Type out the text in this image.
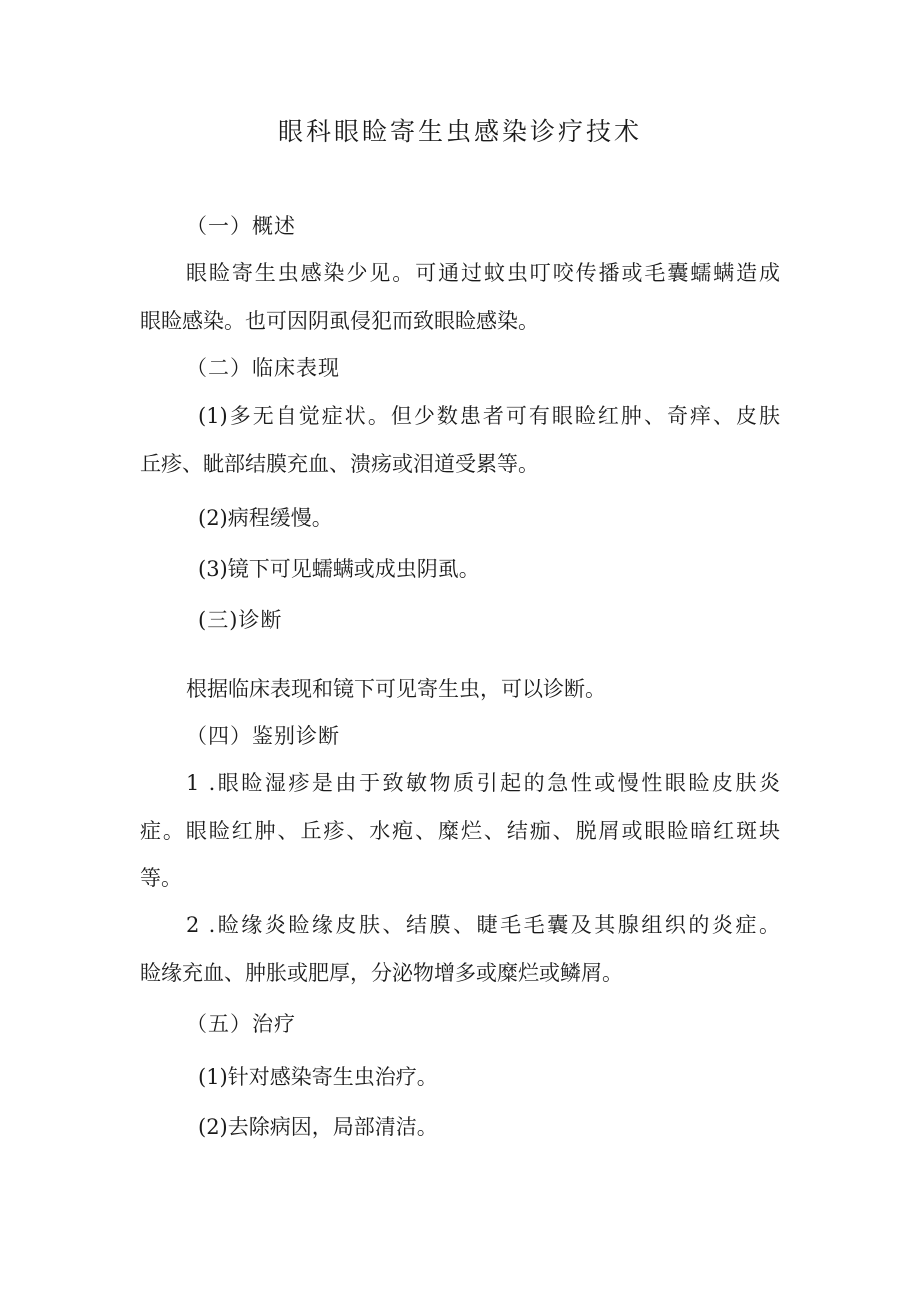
眼科眼睑寄生虫感染诊疗技术
（一）概述
眼睑寄生虫感染少见。可通过蚊虫叮咬传播或毛囊蠕螨造成
眼睑感染。也可因阴虱侵犯而致眼睑感染。
（二）临床表现
(1)多无自觉症状。但少数患者可有眼睑红肿、奇痒、皮肤
丘疹、眦部结膜充血、溃疡或泪道受累等。
(2)病程缓慢。
(3)镜下可见蠕螨或成虫阴虱。
(三)诊断
根据临床表现和镜下可见寄生虫，可以诊断。
（四）鉴别诊断
1 .眼睑湿疹是由于致敏物质引起的急性或慢性眼睑皮肤炎
症。眼睑红肿、丘疹、水疱、糜烂、结痂、脱屑或眼睑暗红斑块
等。
2 .睑缘炎睑缘皮肤、结膜、睫毛毛囊及其腺组织的炎症。
睑缘充血、肿胀或肥厚，分泌物增多或糜烂或鳞屑。
（五）治疗
(1)针对感染寄生虫治疗。
(2)去除病因，局部清洁。
